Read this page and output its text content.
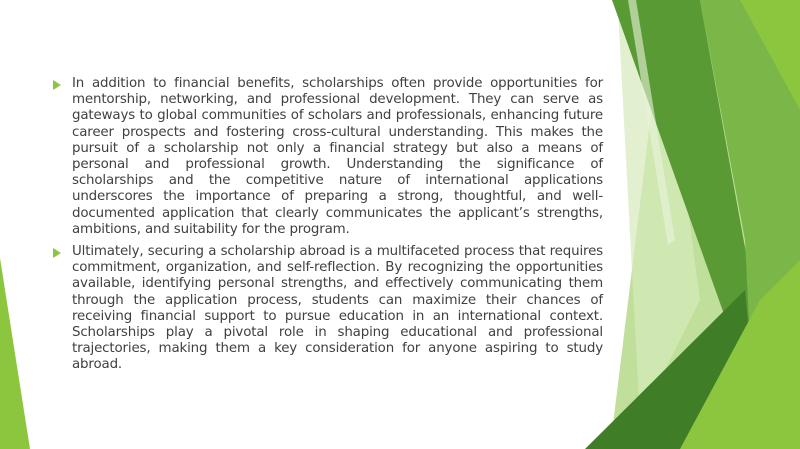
In addition to financial benefits, scholarships often provide opportunities for mentorship, networking, and professional development. They can serve as gateways to global communities of scholars and professionals, enhancing future career prospects and fostering cross-cultural understanding. This makes the pursuit of a scholarship not only a financial strategy but also a means of personal and professional growth. Understanding the significance of scholarships and the competitive nature of international applications underscores the importance of preparing a strong, thoughtful, and well-documented application that clearly communicates the applicant’s strengths, ambitions, and suitability for the program.

Ultimately, securing a scholarship abroad is a multifaceted process that requires commitment, organization, and self-reflection. By recognizing the opportunities available, identifying personal strengths, and effectively communicating them through the application process, students can maximize their chances of receiving financial support to pursue education in an international context. Scholarships play a pivotal role in shaping educational and professional trajectories, making them a key consideration for anyone aspiring to study abroad.
